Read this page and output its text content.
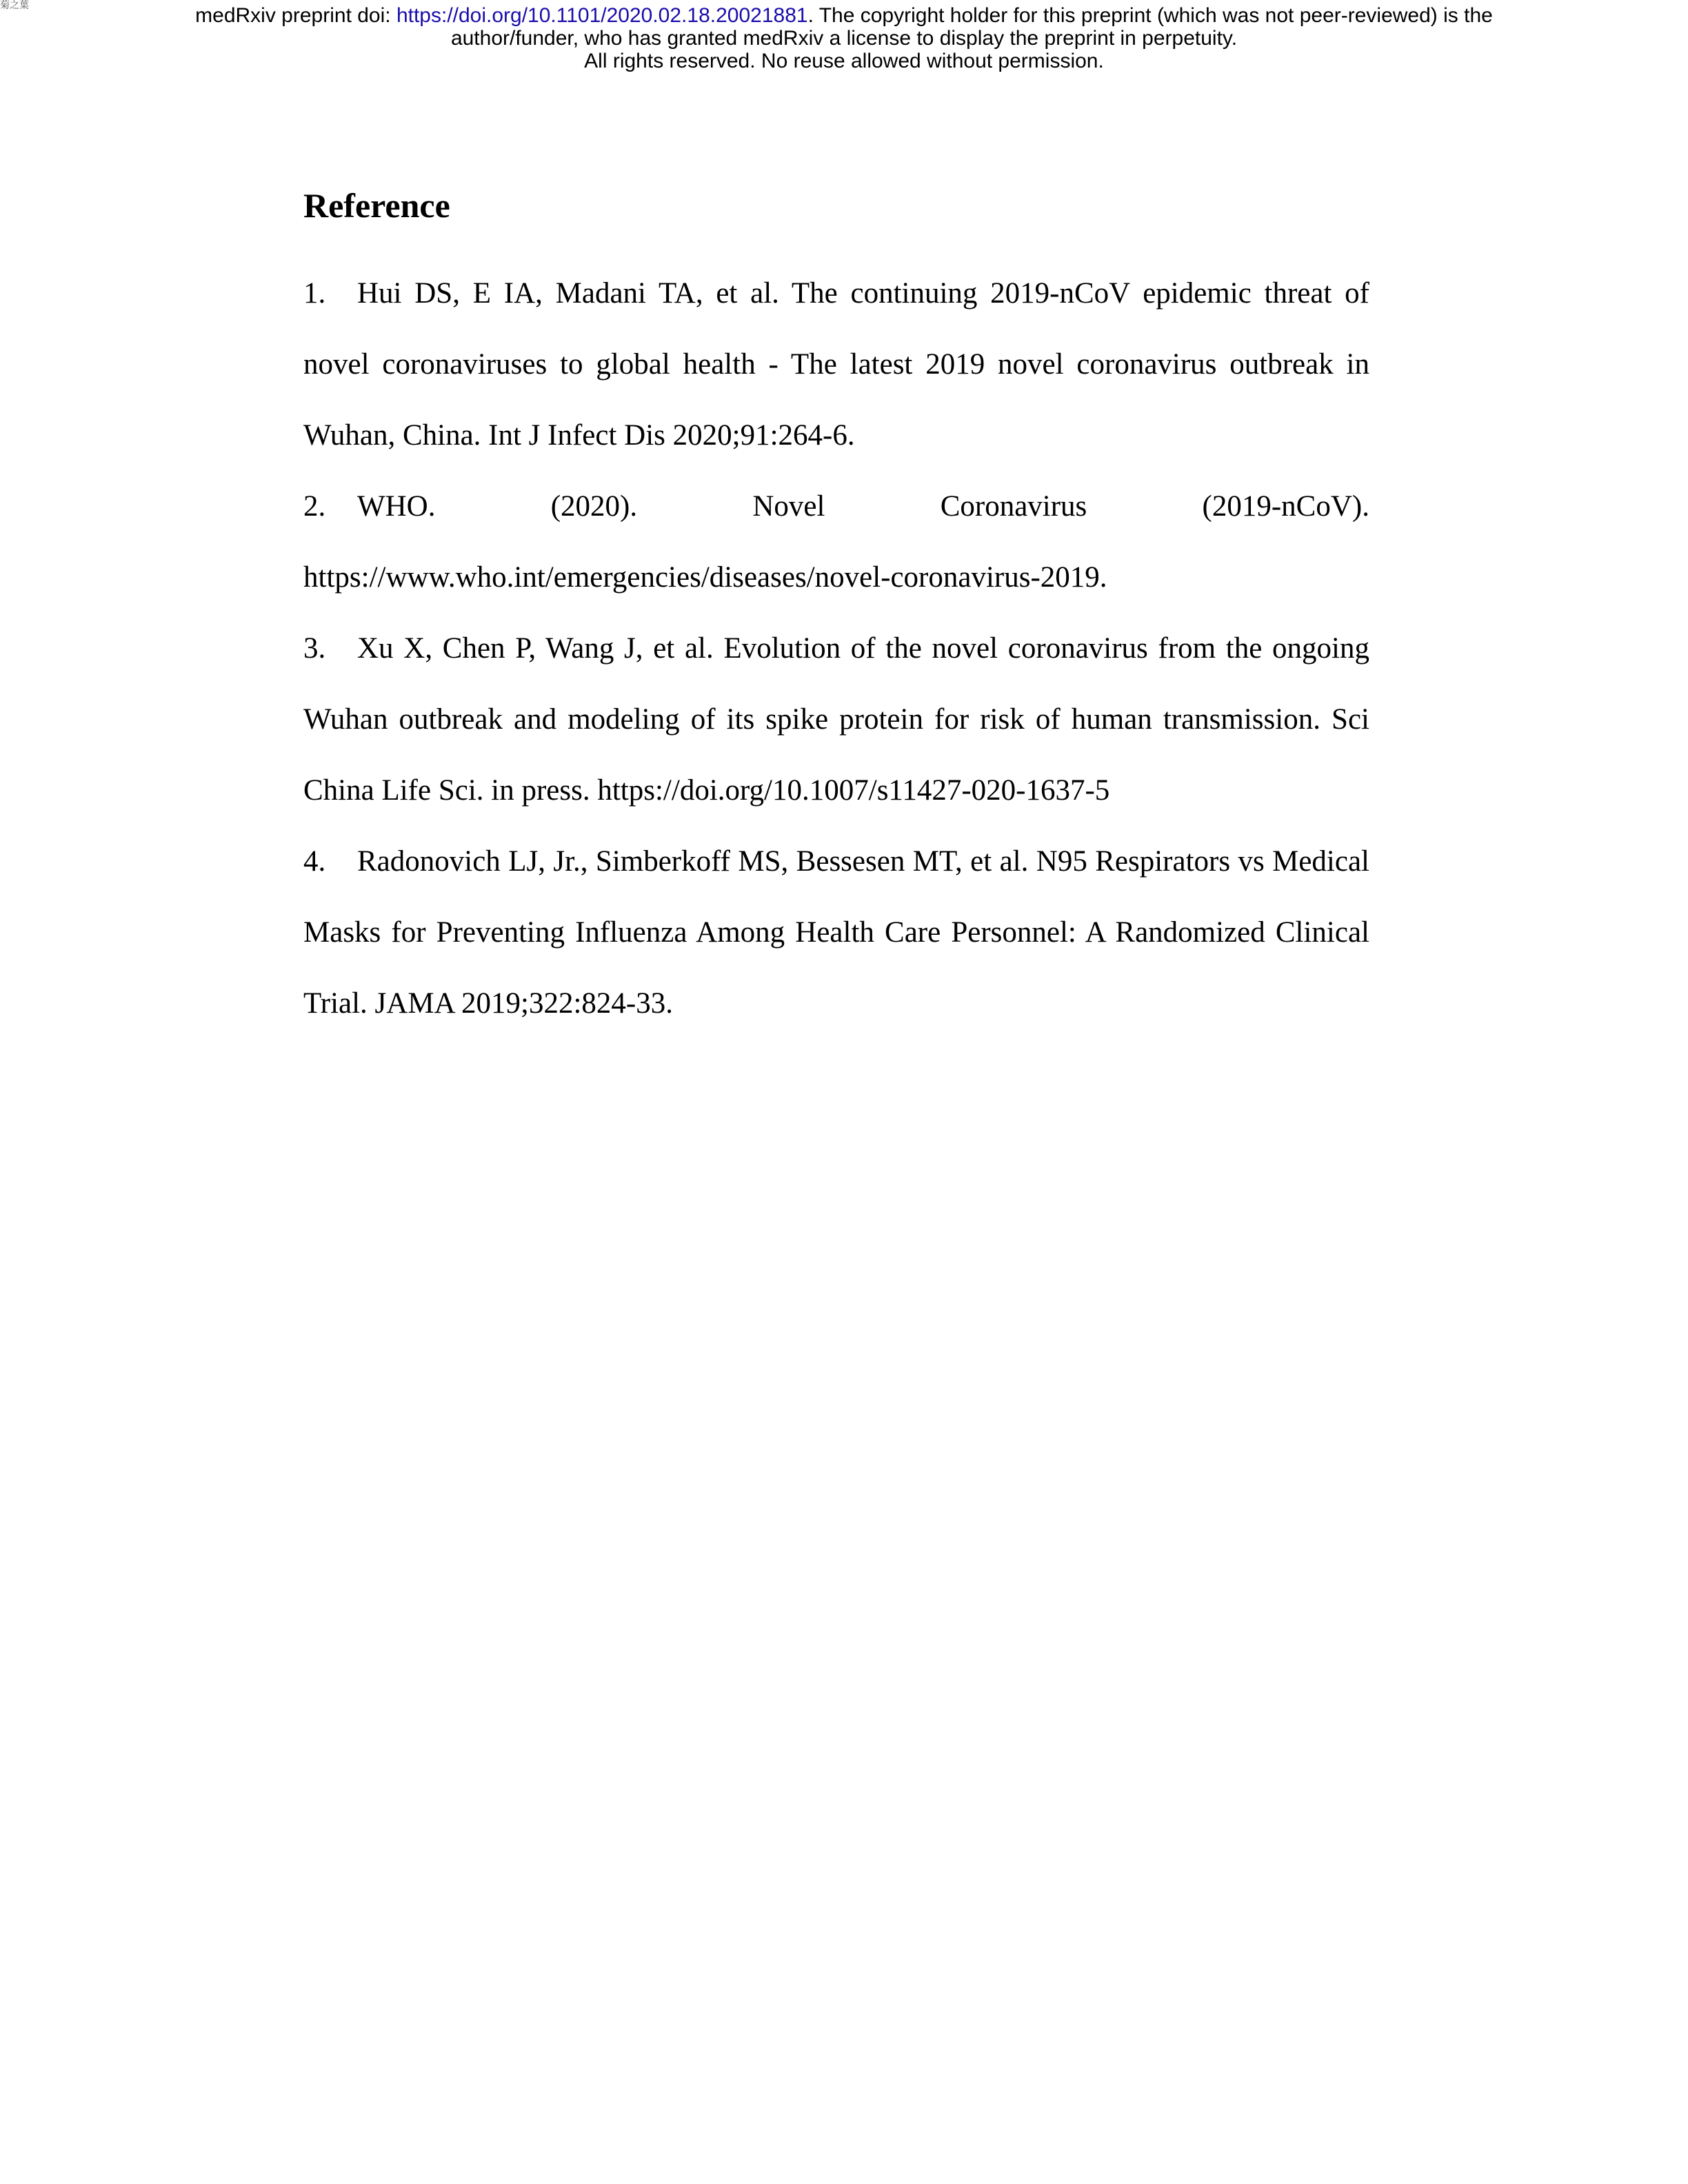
菊之葉	medRxiv preprint doi: https://doi.org/10.1101/2020.02.18.20021881. The copyright holder for this preprint (which was not peer-reviewed) is the
author/funder, who has granted medRxiv a license to display the preprint in perpetuity.
All rights reserved. No reuse allowed without permission.
Reference
1. Hui DS, E IA, Madani TA, et al. The continuing 2019-nCoV epidemic threat of novel coronaviruses to global health - The latest 2019 novel coronavirus outbreak in Wuhan, China. Int J Infect Dis 2020;91:264-6.
2. WHO.	(2020).	Novel	Coronavirus	(2019-nCoV).
https://www.who.int/emergencies/diseases/novel-coronavirus-2019.
3. Xu X, Chen P, Wang J, et al. Evolution of the novel coronavirus from the ongoing Wuhan outbreak and modeling of its spike protein for risk of human transmission. Sci China Life Sci. in press. https://doi.org/10.1007/s11427-020-1637-5
4. Radonovich LJ, Jr., Simberkoff MS, Bessesen MT, et al. N95 Respirators vs Medical Masks for Preventing Influenza Among Health Care Personnel: A Randomized Clinical Trial. JAMA 2019;322:824-33.
